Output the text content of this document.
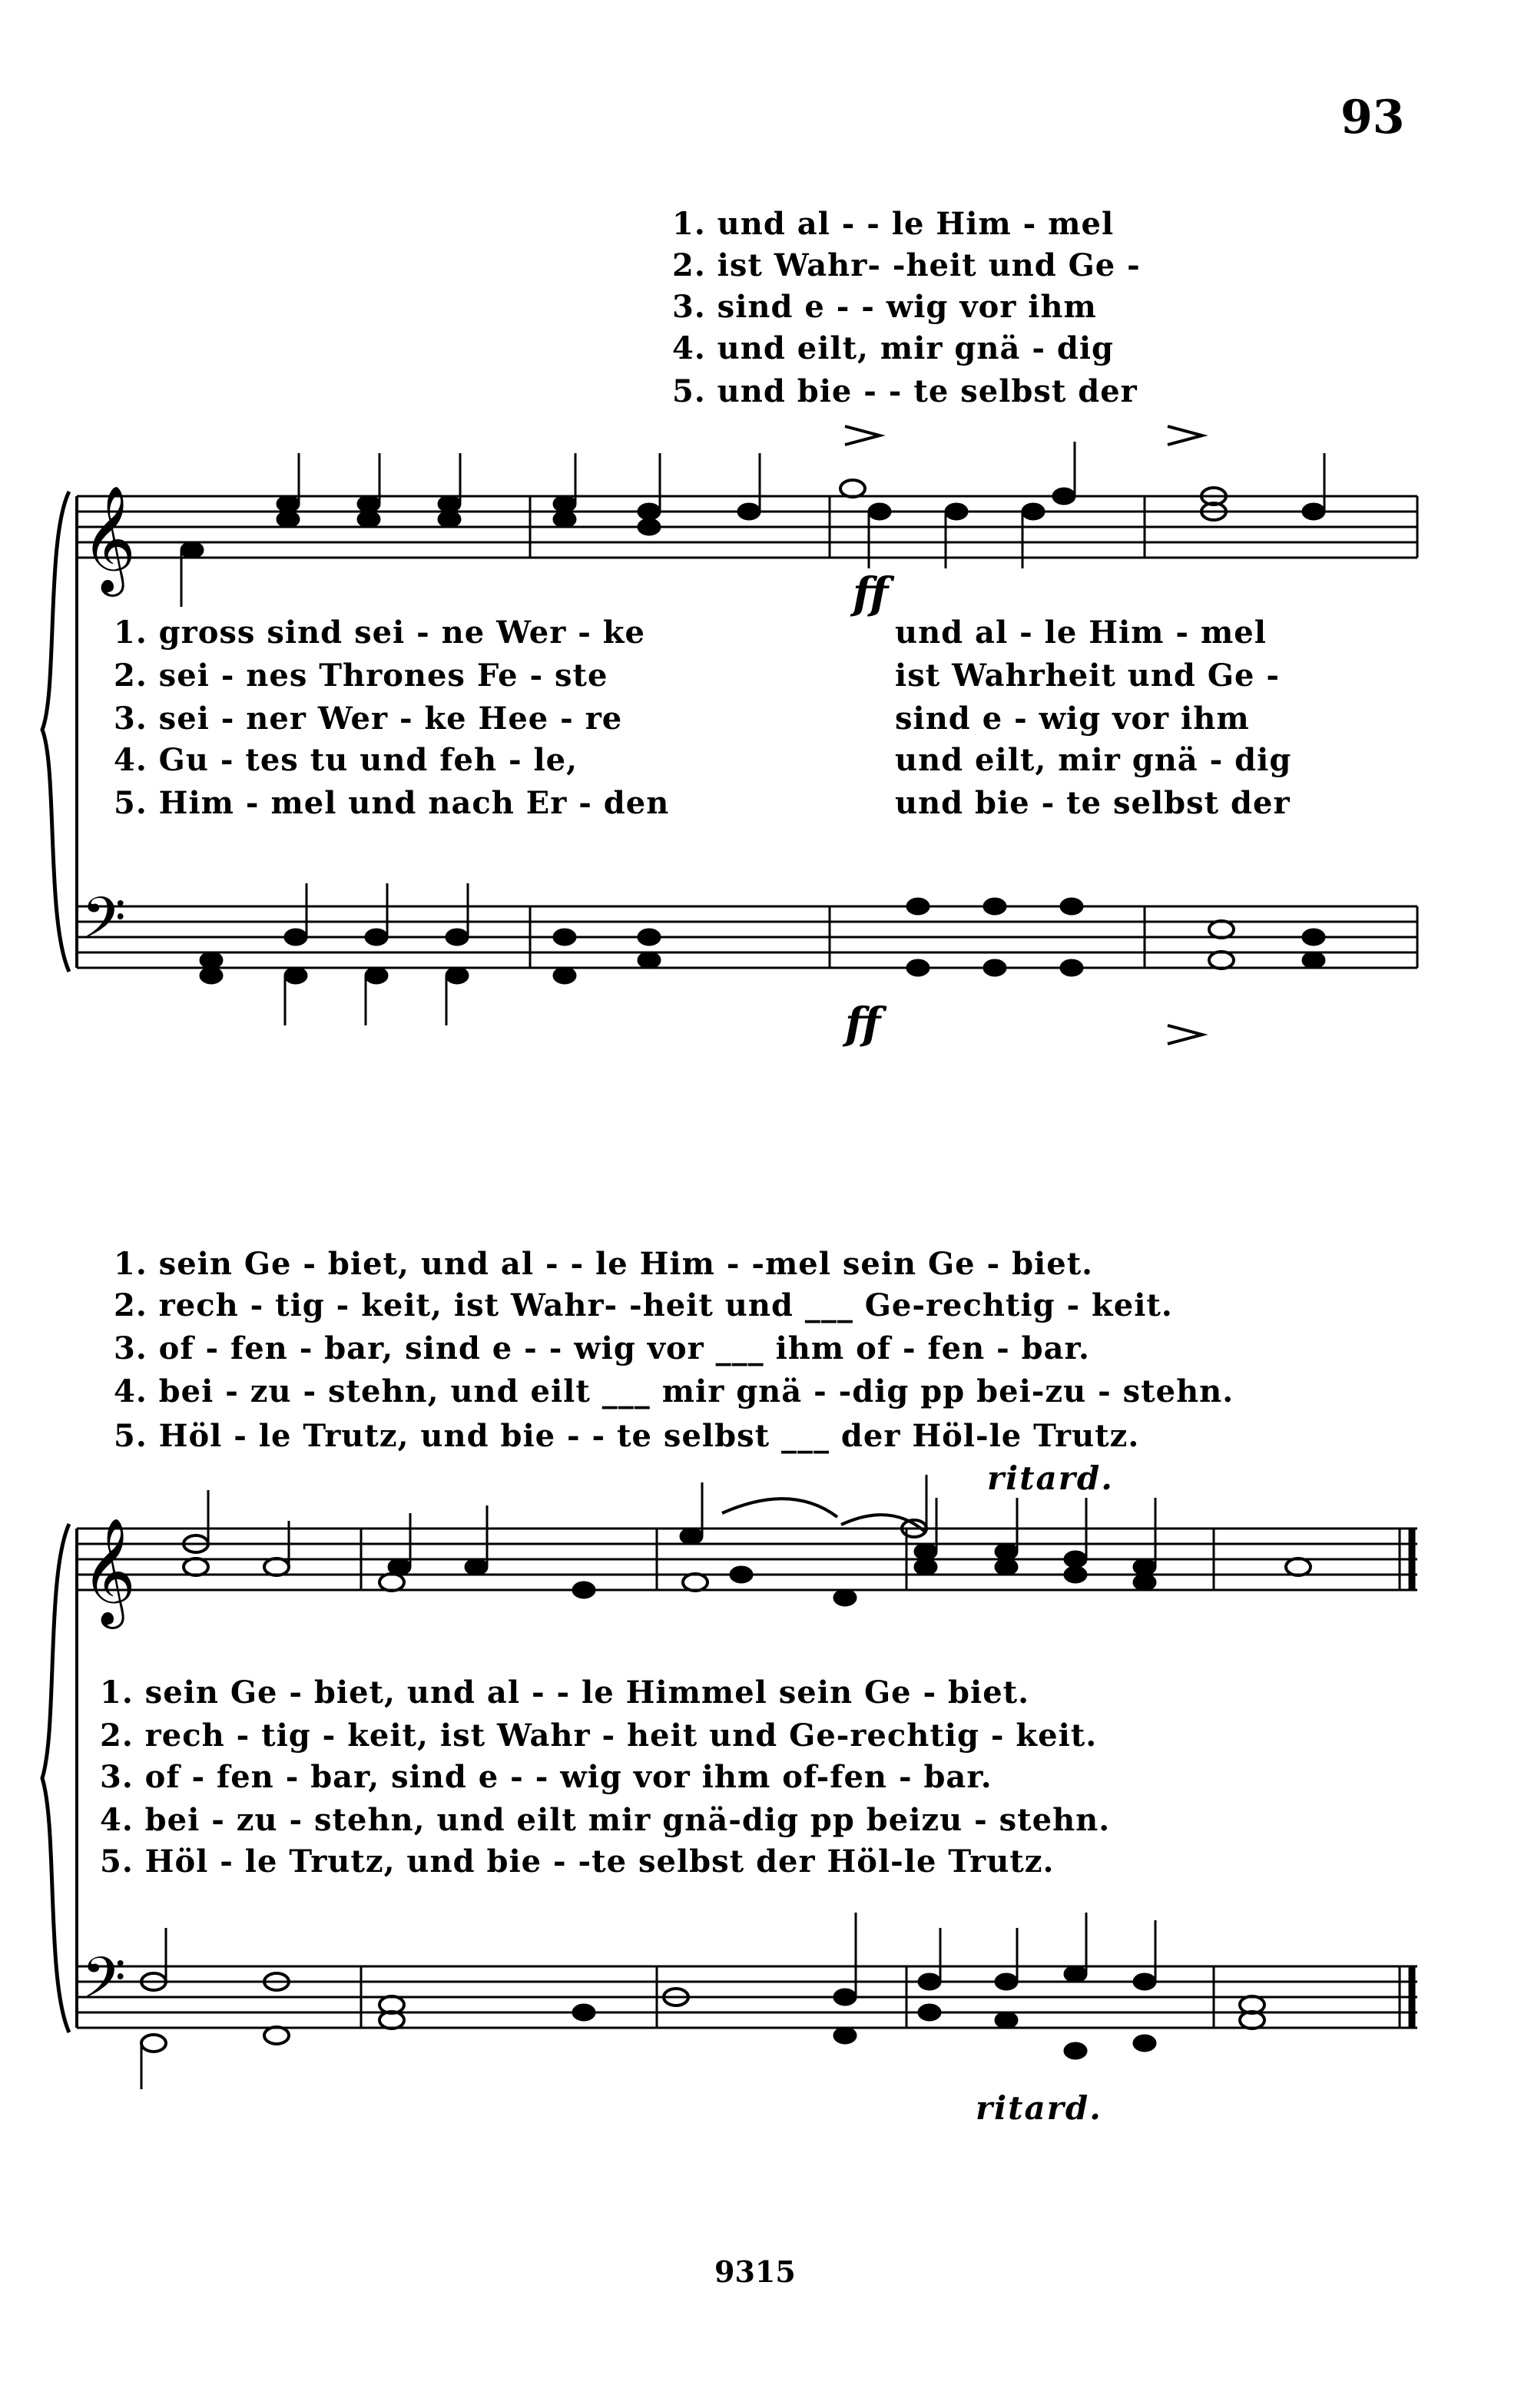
93
𝄞
𝄢
𝄞
𝄢
1. und al - - le Him - mel
2. ist Wahr- -heit und Ge -
3. sind e - - wig vor ihm
4. und eilt, mir gnä - dig
5. und bie - - te selbst der
ff
1. gross sind sei - ne Wer - ke
2. sei - nes Thrones Fe - ste
3. sei - ner Wer - ke Hee - re
4. Gu - tes tu und feh - le,
5. Him - mel und nach Er - den
und al - le Him - mel
ist Wahrheit und Ge -
sind e - wig vor ihm
und eilt, mir gnä - dig
und bie - te selbst der
ff
1. sein Ge - biet, und al - - le Him - -mel sein Ge - biet.
2. rech - tig - keit, ist Wahr- -heit und ___ Ge-rechtig - keit.
3. of - fen - bar, sind e - - wig vor ___ ihm of - fen - bar.
4. bei - zu - stehn, und eilt ___ mir gnä - -dig pp bei-zu - stehn.
5. Höl - le Trutz, und bie - - te selbst ___ der Höl-le Trutz.
ritard.
1. sein Ge - biet, und al - - le Himmel sein Ge - biet.
2. rech - tig - keit, ist Wahr - heit und Ge-rechtig - keit.
3. of - fen - bar, sind e - - wig vor ihm of-fen - bar.
4. bei - zu - stehn, und eilt mir gnä-dig pp beizu - stehn.
5. Höl - le Trutz, und bie - -te selbst der Höl-le Trutz.
ritard.
9315
